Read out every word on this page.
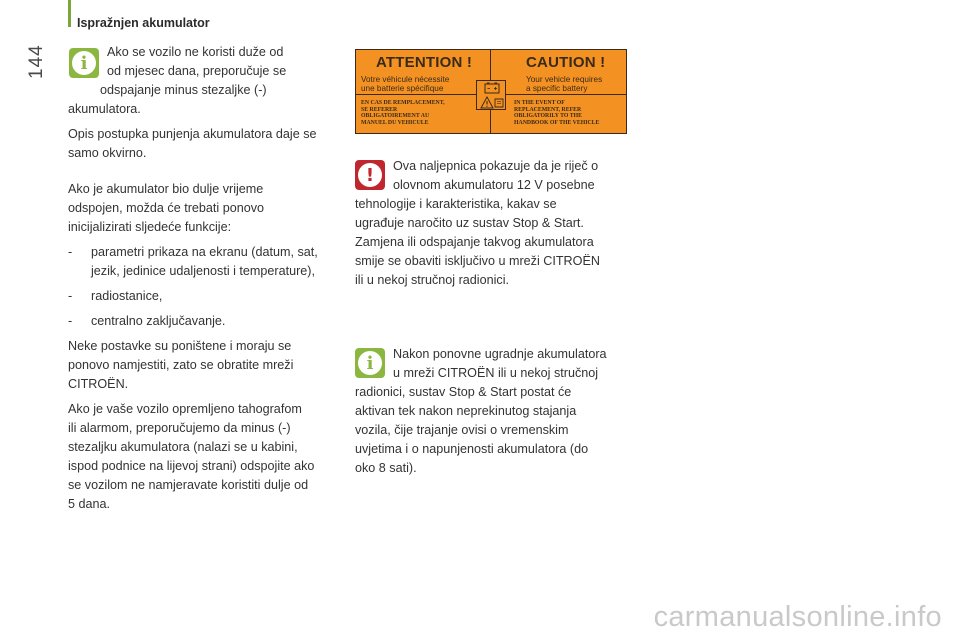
144
Ispražnjen akumulator
i

Ako se vozilo ne koristi duže od

od mjesec dana, preporučuje se

odspajanje minus stezaljke (-)

akumulatora.

Opis postupka punjenja akumulatora daje se

samo okvirno.

Ako je akumulator bio dulje vrijeme

odspojen, možda će trebati ponovo

inicijalizirati sljedeće funkcije:

- parametri prikaza na ekranu (datum, sat,

jezik, jedinice udaljenosti i temperature),

- radiostanice,

- centralno zaključavanje.

Neke postavke su poništene i moraju se

ponovo namjestiti, zato se obratite mreži

CITROËN.

Ako je vaše vozilo opremljeno tahografom

ili alarmom, preporučujemo da minus (-)

stezaljku akumulatora (nalazi se u kabini,

ispod podnice na lijevoj strani) odspojite ako

se vozilom ne namjeravate koristiti dulje od

5 dana.

ATTENTION !	CAUTION !
Votre véhicule nécessite
une batterie spécifique
Your vehicle requires
a specific battery
EN CAS DE REMPLACEMENT,
SE REFERER
OBLIGATOIREMENT AU
MANUEL DU VEHICULE
IN THE EVENT OF
REPLACEMENT, REFER
OBLIGATORILY TO THE
HANDBOOK OF THE VEHICLE
!	Ova naljepnica pokazuje da je riječ o

olovnom akumulatoru 12 V posebne

tehnologije i karakteristika, kakav se

ugrađuje naročito uz sustav Stop & Start.

Zamjena ili odspajanje takvog akumulatora

smije se obaviti isključivo u mreži CITROËN

ili u nekoj stručnoj radionici.

i	Nakon ponovne ugradnje akumulatora

u mreži CITROËN ili u nekoj stručnoj

radionici, sustav Stop & Start postat će

aktivan tek nakon neprekinutog stajanja

vozila, čije trajanje ovisi o vremenskim

uvjetima i o napunjenosti akumulatora (do

oko 8 sati).

carmanualsonline.info
